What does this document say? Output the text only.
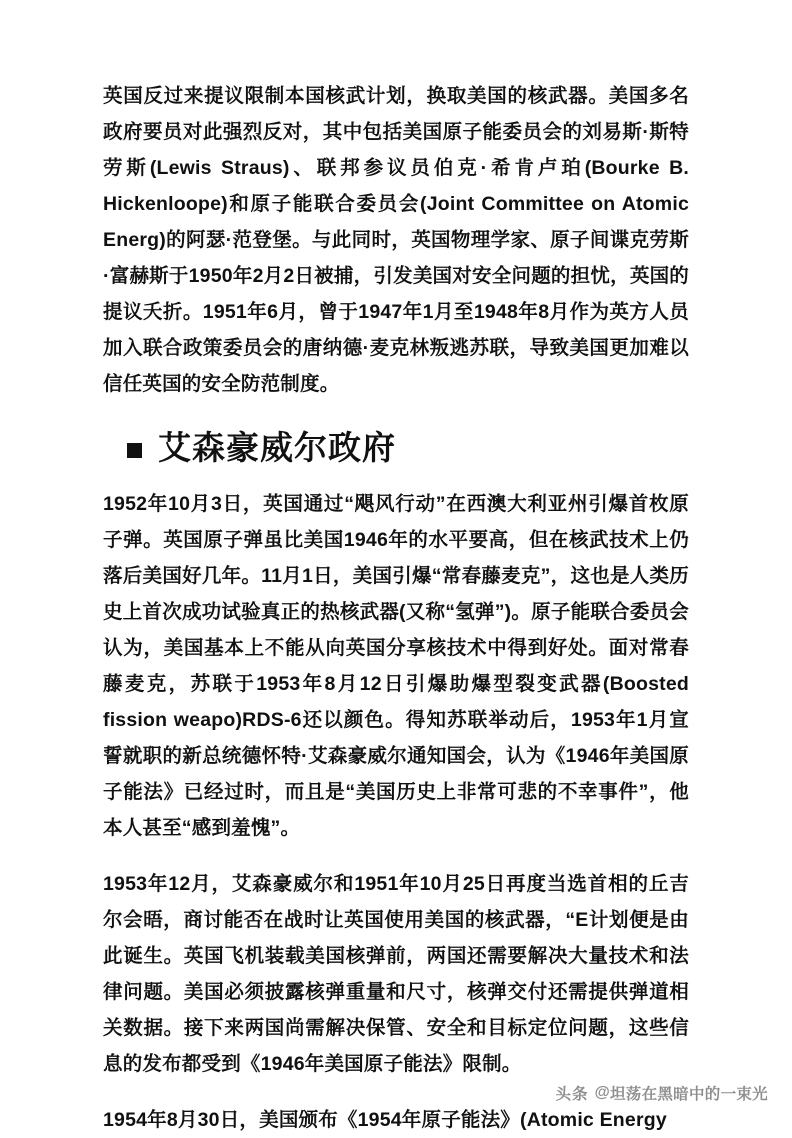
英国反过来提议限制本国核武计划，换取美国的核武器。美国多名政府要员对此强烈反对，其中包括美国原子能委员会的刘易斯·斯特劳斯(Lewis Straus)、联邦参议员伯克·希肯卢珀(Bourke B. Hickenloope)和原子能联合委员会(Joint Committee on Atomic Energ)的阿瑟·范登堡。与此同时，英国物理学家、原子间谍克劳斯·富赫斯于1950年2月2日被捕，引发美国对安全问题的担忧，英国的提议夭折。1951年6月，曾于1947年1月至1948年8月作为英方人员加入联合政策委员会的唐纳德·麦克林叛逃苏联，导致美国更加难以信任英国的安全防范制度。

艾森豪威尔政府

1952年10月3日，英国通过“飓风行动”在西澳大利亚州引爆首枚原子弹。英国原子弹虽比美国1946年的水平要高，但在核武技术上仍落后美国好几年。11月1日，美国引爆“常春藤麦克”，这也是人类历史上首次成功试验真正的热核武器(又称“氢弹”)。原子能联合委员会认为，美国基本上不能从向英国分享核技术中得到好处。面对常春藤麦克，苏联于1953年8月12日引爆助爆型裂变武器(Boosted fission weapo)RDS-6还以颜色。得知苏联举动后，1953年1月宣誓就职的新总统德怀特·艾森豪威尔通知国会，认为《1946年美国原子能法》已经过时，而且是“美国历史上非常可悲的不幸事件”，他本人甚至“感到羞愧”。

1953年12月，艾森豪威尔和1951年10月25日再度当选首相的丘吉尔会晤，商讨能否在战时让英国使用美国的核武器，“E计划便是由此诞生。英国飞机装载美国核弹前，两国还需要解决大量技术和法律问题。美国必须披露核弹重量和尺寸，核弹交付还需提供弹道相关数据。接下来两国尚需解决保管、安全和目标定位问题，这些信息的发布都受到《1946年美国原子能法》限制。

1954年8月30日，美国颁布《1954年原子能法》(Atomic Energy

头条 @ 坦荡在黑暗中的一束光
